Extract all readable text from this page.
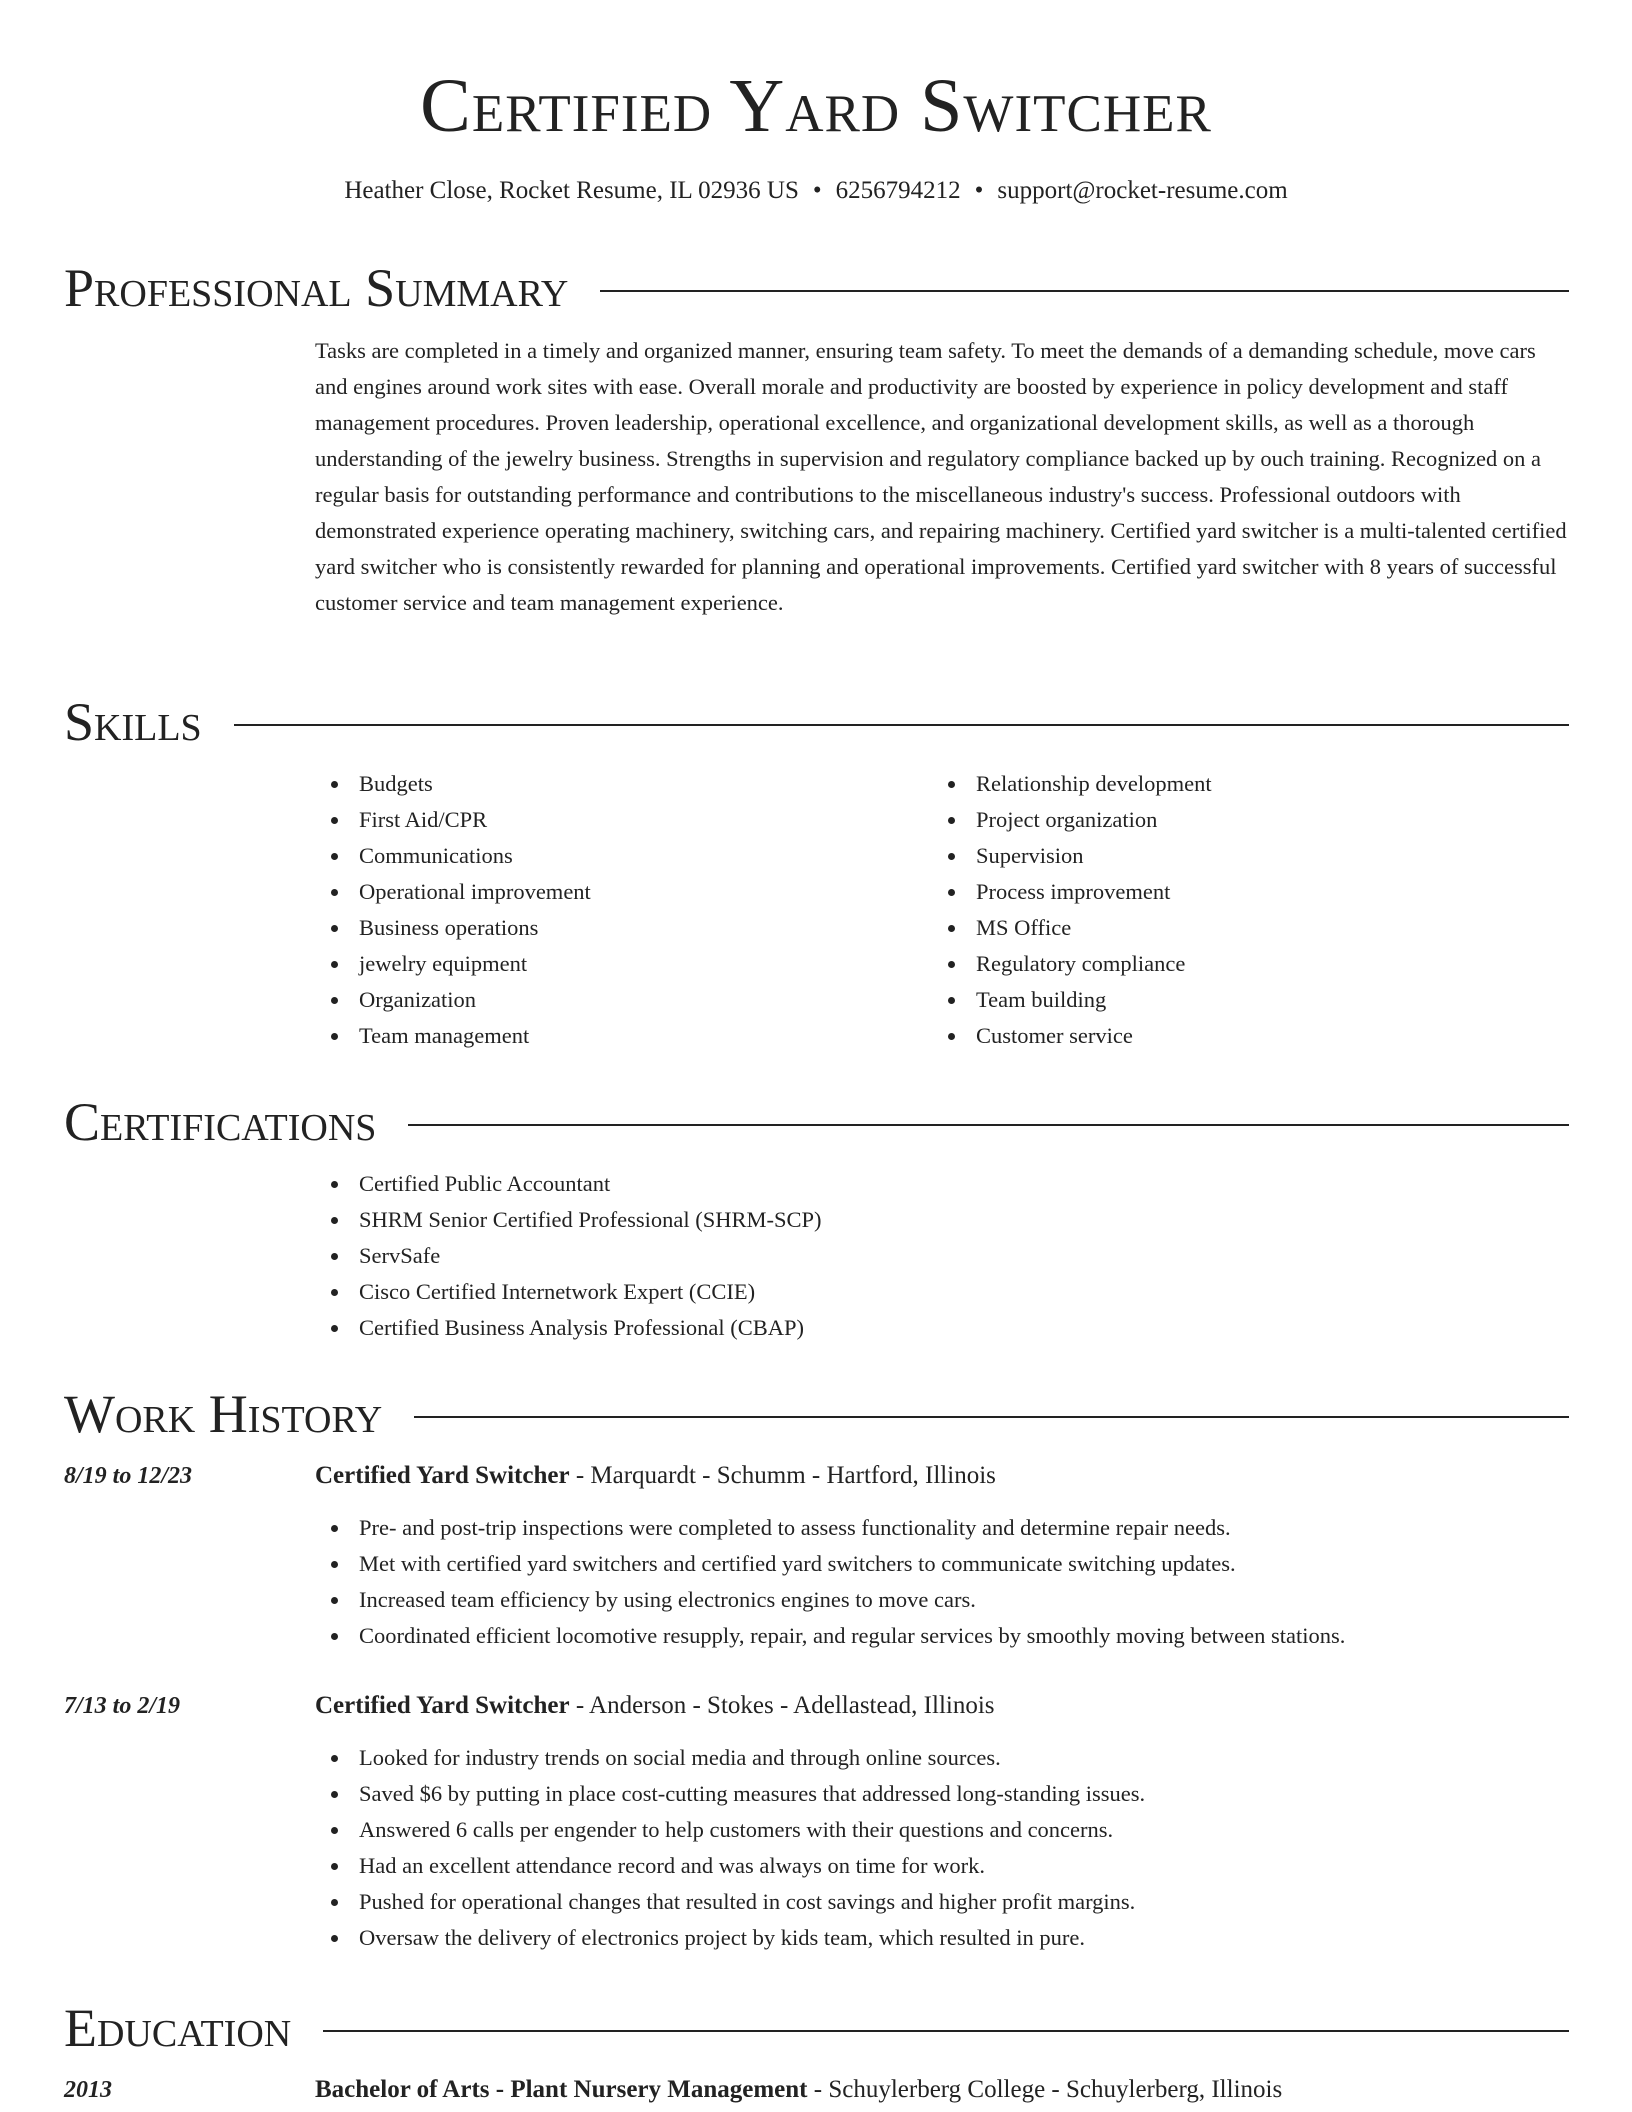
Certified Yard Switcher
Heather Close, Rocket Resume, IL 02936 US • 6256794212 • support@rocket-resume.com
Professional Summary
Tasks are completed in a timely and organized manner, ensuring team safety. To meet the demands of a demanding schedule, move cars and engines around work sites with ease. Overall morale and productivity are boosted by experience in policy development and staff management procedures. Proven leadership, operational excellence, and organizational development skills, as well as a thorough understanding of the jewelry business. Strengths in supervision and regulatory compliance backed up by ouch training. Recognized on a regular basis for outstanding performance and contributions to the miscellaneous industry's success. Professional outdoors with demonstrated experience operating machinery, switching cars, and repairing machinery. Certified yard switcher is a multi-talented certified yard switcher who is consistently rewarded for planning and operational improvements. Certified yard switcher with 8 years of successful customer service and team management experience.
Skills
Budgets
First Aid/CPR
Communications
Operational improvement
Business operations
jewelry equipment
Organization
Team management
Relationship development
Project organization
Supervision
Process improvement
MS Office
Regulatory compliance
Team building
Customer service
Certifications
Certified Public Accountant
SHRM Senior Certified Professional (SHRM-SCP)
ServSafe
Cisco Certified Internetwork Expert (CCIE)
Certified Business Analysis Professional (CBAP)
Work History
8/19 to 12/23	Certified Yard Switcher - Marquardt - Schumm - Hartford, Illinois
Pre- and post-trip inspections were completed to assess functionality and determine repair needs.
Met with certified yard switchers and certified yard switchers to communicate switching updates.
Increased team efficiency by using electronics engines to move cars.
Coordinated efficient locomotive resupply, repair, and regular services by smoothly moving between stations.
7/13 to 2/19	Certified Yard Switcher - Anderson - Stokes - Adellastead, Illinois
Looked for industry trends on social media and through online sources.
Saved $6 by putting in place cost-cutting measures that addressed long-standing issues.
Answered 6 calls per engender to help customers with their questions and concerns.
Had an excellent attendance record and was always on time for work.
Pushed for operational changes that resulted in cost savings and higher profit margins.
Oversaw the delivery of electronics project by kids team, which resulted in pure.
Education
2013	Bachelor of Arts - Plant Nursery Management - Schuylerberg College - Schuylerberg, Illinois
